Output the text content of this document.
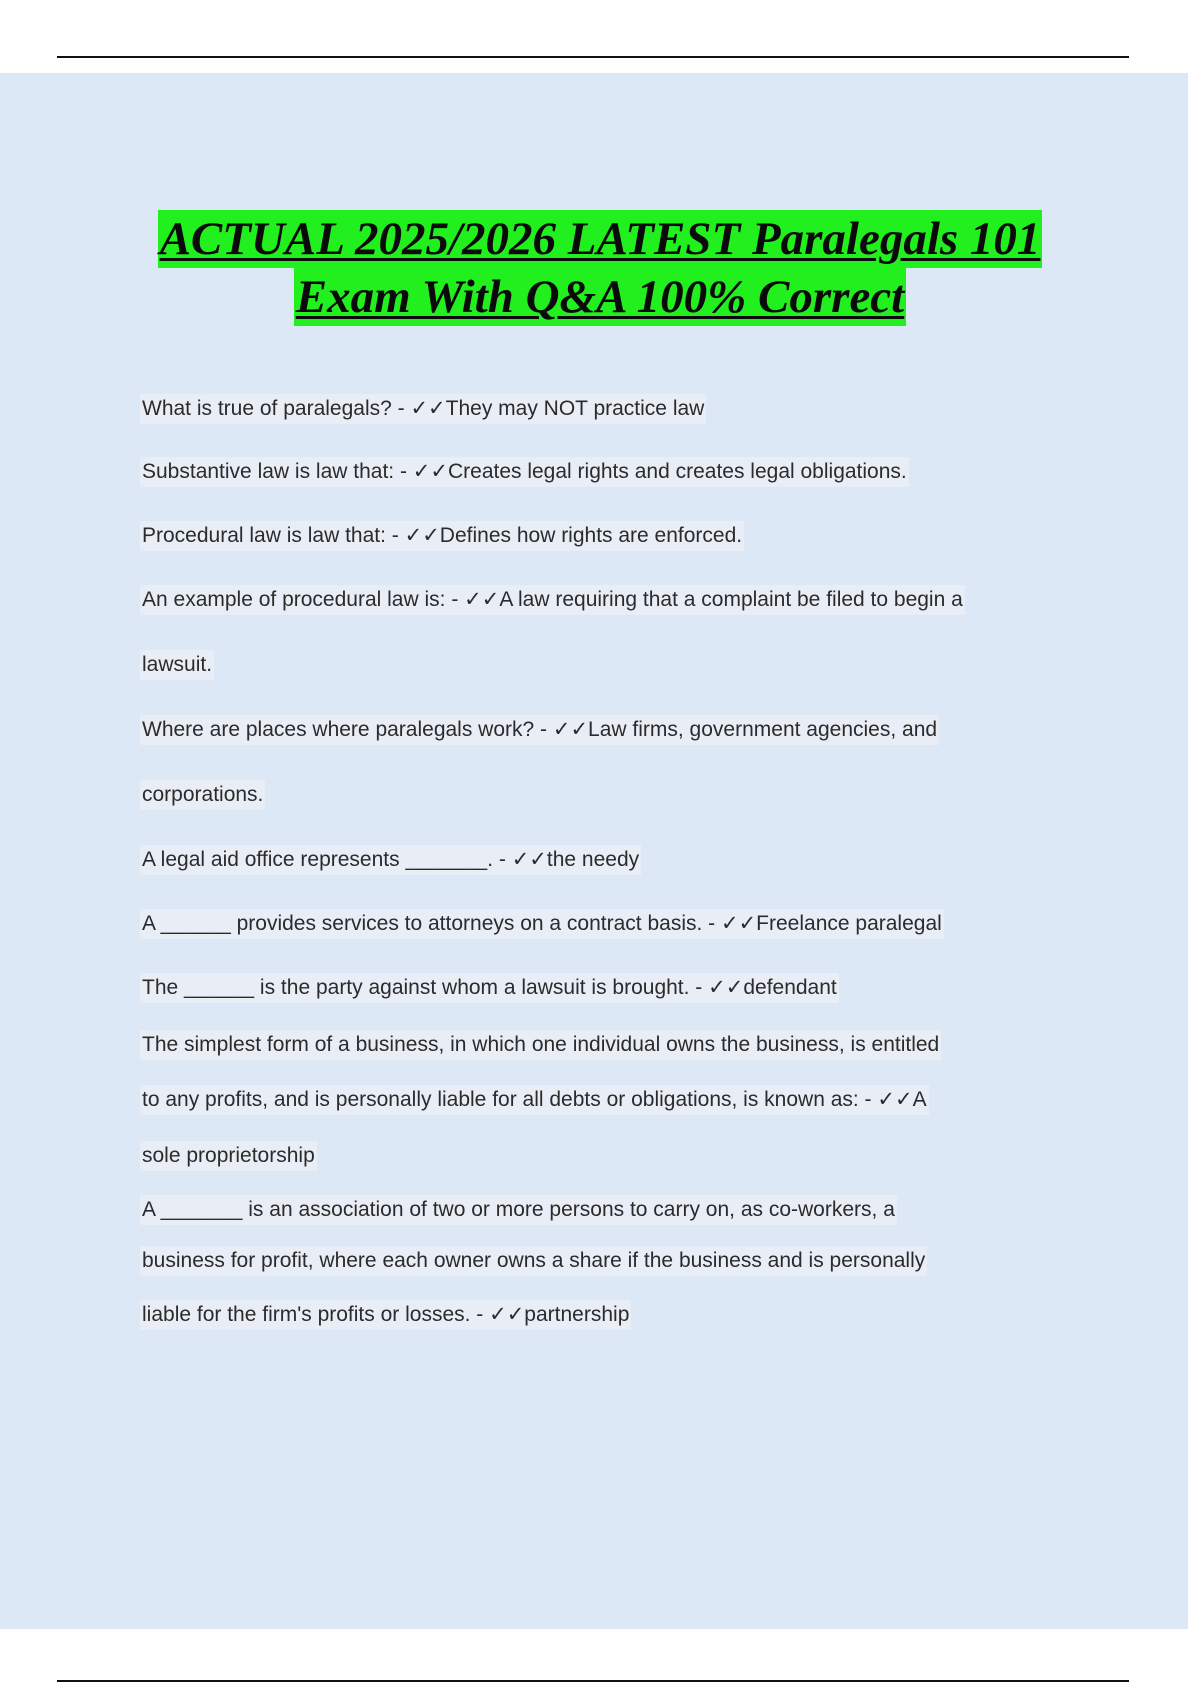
ACTUAL 2025/2026 LATEST Paralegals 101
Exam With Q&A 100% Correct
What is true of paralegals? - ✓✓They may NOT practice law
Substantive law is law that: - ✓✓Creates legal rights and creates legal obligations.
Procedural law is law that: - ✓✓Defines how rights are enforced.
An example of procedural law is: - ✓✓A law requiring that a complaint be filed to begin a
lawsuit.
Where are places where paralegals work? - ✓✓Law firms, government agencies, and
corporations.
A legal aid office represents _______. - ✓✓the needy
A ______ provides services to attorneys on a contract basis. - ✓✓Freelance paralegal
The ______ is the party against whom a lawsuit is brought. - ✓✓defendant
The simplest form of a business, in which one individual owns the business, is entitled
to any profits, and is personally liable for all debts or obligations, is known as: - ✓✓A
sole proprietorship
A _______ is an association of two or more persons to carry on, as co-workers, a
business for profit, where each owner owns a share if the business and is personally
liable for the firm's profits or losses. - ✓✓partnership
